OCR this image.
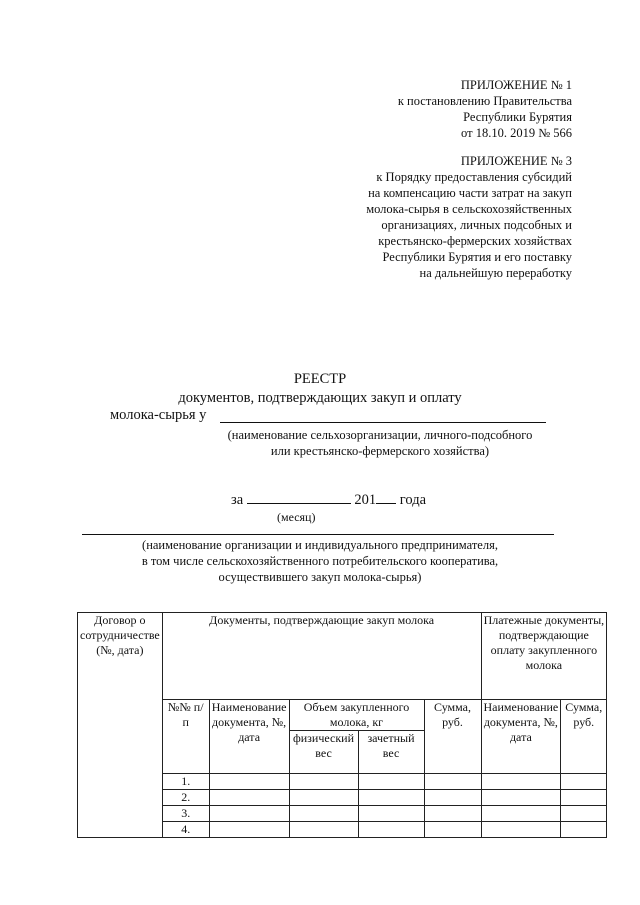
ПРИЛОЖЕНИЕ № 1
к постановлению Правительства
Республики Бурятия
от 18.10. 2019 № 566
ПРИЛОЖЕНИЕ № 3
к Порядку предоставления субсидий
на компенсацию части затрат на закуп
молока-сырья в сельскохозяйственных
организациях, личных подсобных и
крестьянско-фермерских хозяйствах
Республики Бурятия и его поставку
на дальнейшую переработку
РЕЕСТР
документов, подтверждающих закуп и оплату
молока-сырья у
(наименование сельхозорганизации, личного-подсобного
или крестьянско-фермерского хозяйства)
за	201 года
(месяц)
(наименование организации и индивидуального предпринимателя,
в том числе сельскохозяйственного потребительского кооператива,
осуществившего закуп молока-сырья)
Договор о сотрудничестве (№, дата)	Документы, подтверждающие закуп молока					Платежные документы, подтверждающие оплату закупленного молока	
	№№ п/п	Наименование документа, №, дата	Объем закупленного молока, кг		Сумма, руб.	Наименование документа, №, дата	Сумма, руб.
			физический вес	зачетный вес			
	1.						
	2.						
	3.						
	4.						
